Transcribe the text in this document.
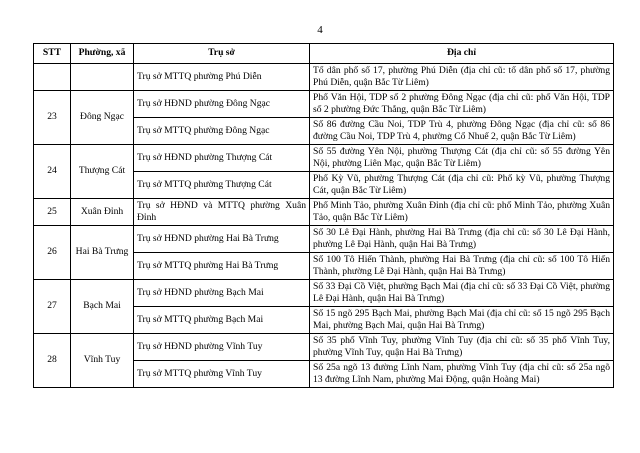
4
STT	Phường, xã	Trụ sở	Địa chỉ
		Trụ sở MTTQ phường Phú Diễn	Tổ dân phố số 17, phường Phú Diễn (địa chỉ cũ: tổ dân phố số 17, phường Phú Diễn, quận Bắc Từ Liêm)
23	Đông Ngạc	Trụ sở HĐND phường Đông Ngạc	Phố Văn Hội, TDP số 2 phường Đông Ngạc (địa chỉ cũ: phố Văn Hội, TDP số 2 phường Đức Thắng, quận Bắc Từ Liêm)
		Trụ sở MTTQ phường Đông Ngạc	Số 86 đường Cầu Noi, TDP Trù 4, phường Đông Ngạc (địa chỉ cũ: số 86 đường Cầu Noi, TDP Trù 4, phường Cổ Nhuế 2, quận Bắc Từ Liêm)
24	Thượng Cát	Trụ sở HĐND phường Thượng Cát	Số 55 đường Yên Nội, phường Thượng Cát (địa chỉ cũ: số 55 đường Yên Nội, phường Liên Mạc, quận Bắc Từ Liêm)
		Trụ sở MTTQ phường Thượng Cát	Phố Kỳ Vũ, phường Thượng Cát (địa chỉ cũ: Phố kỳ Vũ, phường Thượng Cát, quận Bắc Từ Liêm)
25	Xuân Đỉnh	Trụ sở HĐND và MTTQ phường Xuân Đỉnh	Phố Minh Tảo, phường Xuân Đỉnh (địa chỉ cũ: phố Minh Tảo, phường Xuân Tảo, quận Bắc Từ Liêm)
26	Hai Bà Trưng	Trụ sở HĐND phường Hai Bà Trưng	Số 30 Lê Đại Hành, phường Hai Bà Trưng (địa chỉ cũ: số 30 Lê Đại Hành, phường Lê Đại Hành, quận Hai Bà Trưng)
		Trụ sở MTTQ phường Hai Bà Trưng	Số 100 Tô Hiến Thành, phường Hai Bà Trưng (địa chỉ cũ: số 100 Tô Hiến Thành, phường Lê Đại Hành, quận Hai Bà Trưng)
27	Bạch Mai	Trụ sở HĐND phường Bạch Mai	Số 33 Đại Cồ Việt, phường Bạch Mai (địa chỉ cũ: số 33 Đại Cồ Việt, phường Lê Đại Hành, quận Hai Bà Trưng)
		Trụ sở MTTQ phường Bạch Mai	Số 15 ngõ 295 Bạch Mai, phường Bạch Mai (địa chỉ cũ: số 15 ngõ 295 Bạch Mai, phường Bạch Mai, quận Hai Bà Trưng)
28	Vĩnh Tuy	Trụ sở HĐND phường Vĩnh Tuy	Số 35 phố Vĩnh Tuy, phường Vĩnh Tuy (địa chỉ cũ: số 35 phố Vĩnh Tuy, phường Vĩnh Tuy, quận Hai Bà Trưng)
		Trụ sở MTTQ phường Vĩnh Tuy	Số 25a ngõ 13 đường Lĩnh Nam, phường Vĩnh Tuy (địa chỉ cũ: số 25a ngõ 13 đường Lĩnh Nam, phường Mai Động, quận Hoàng Mai)
